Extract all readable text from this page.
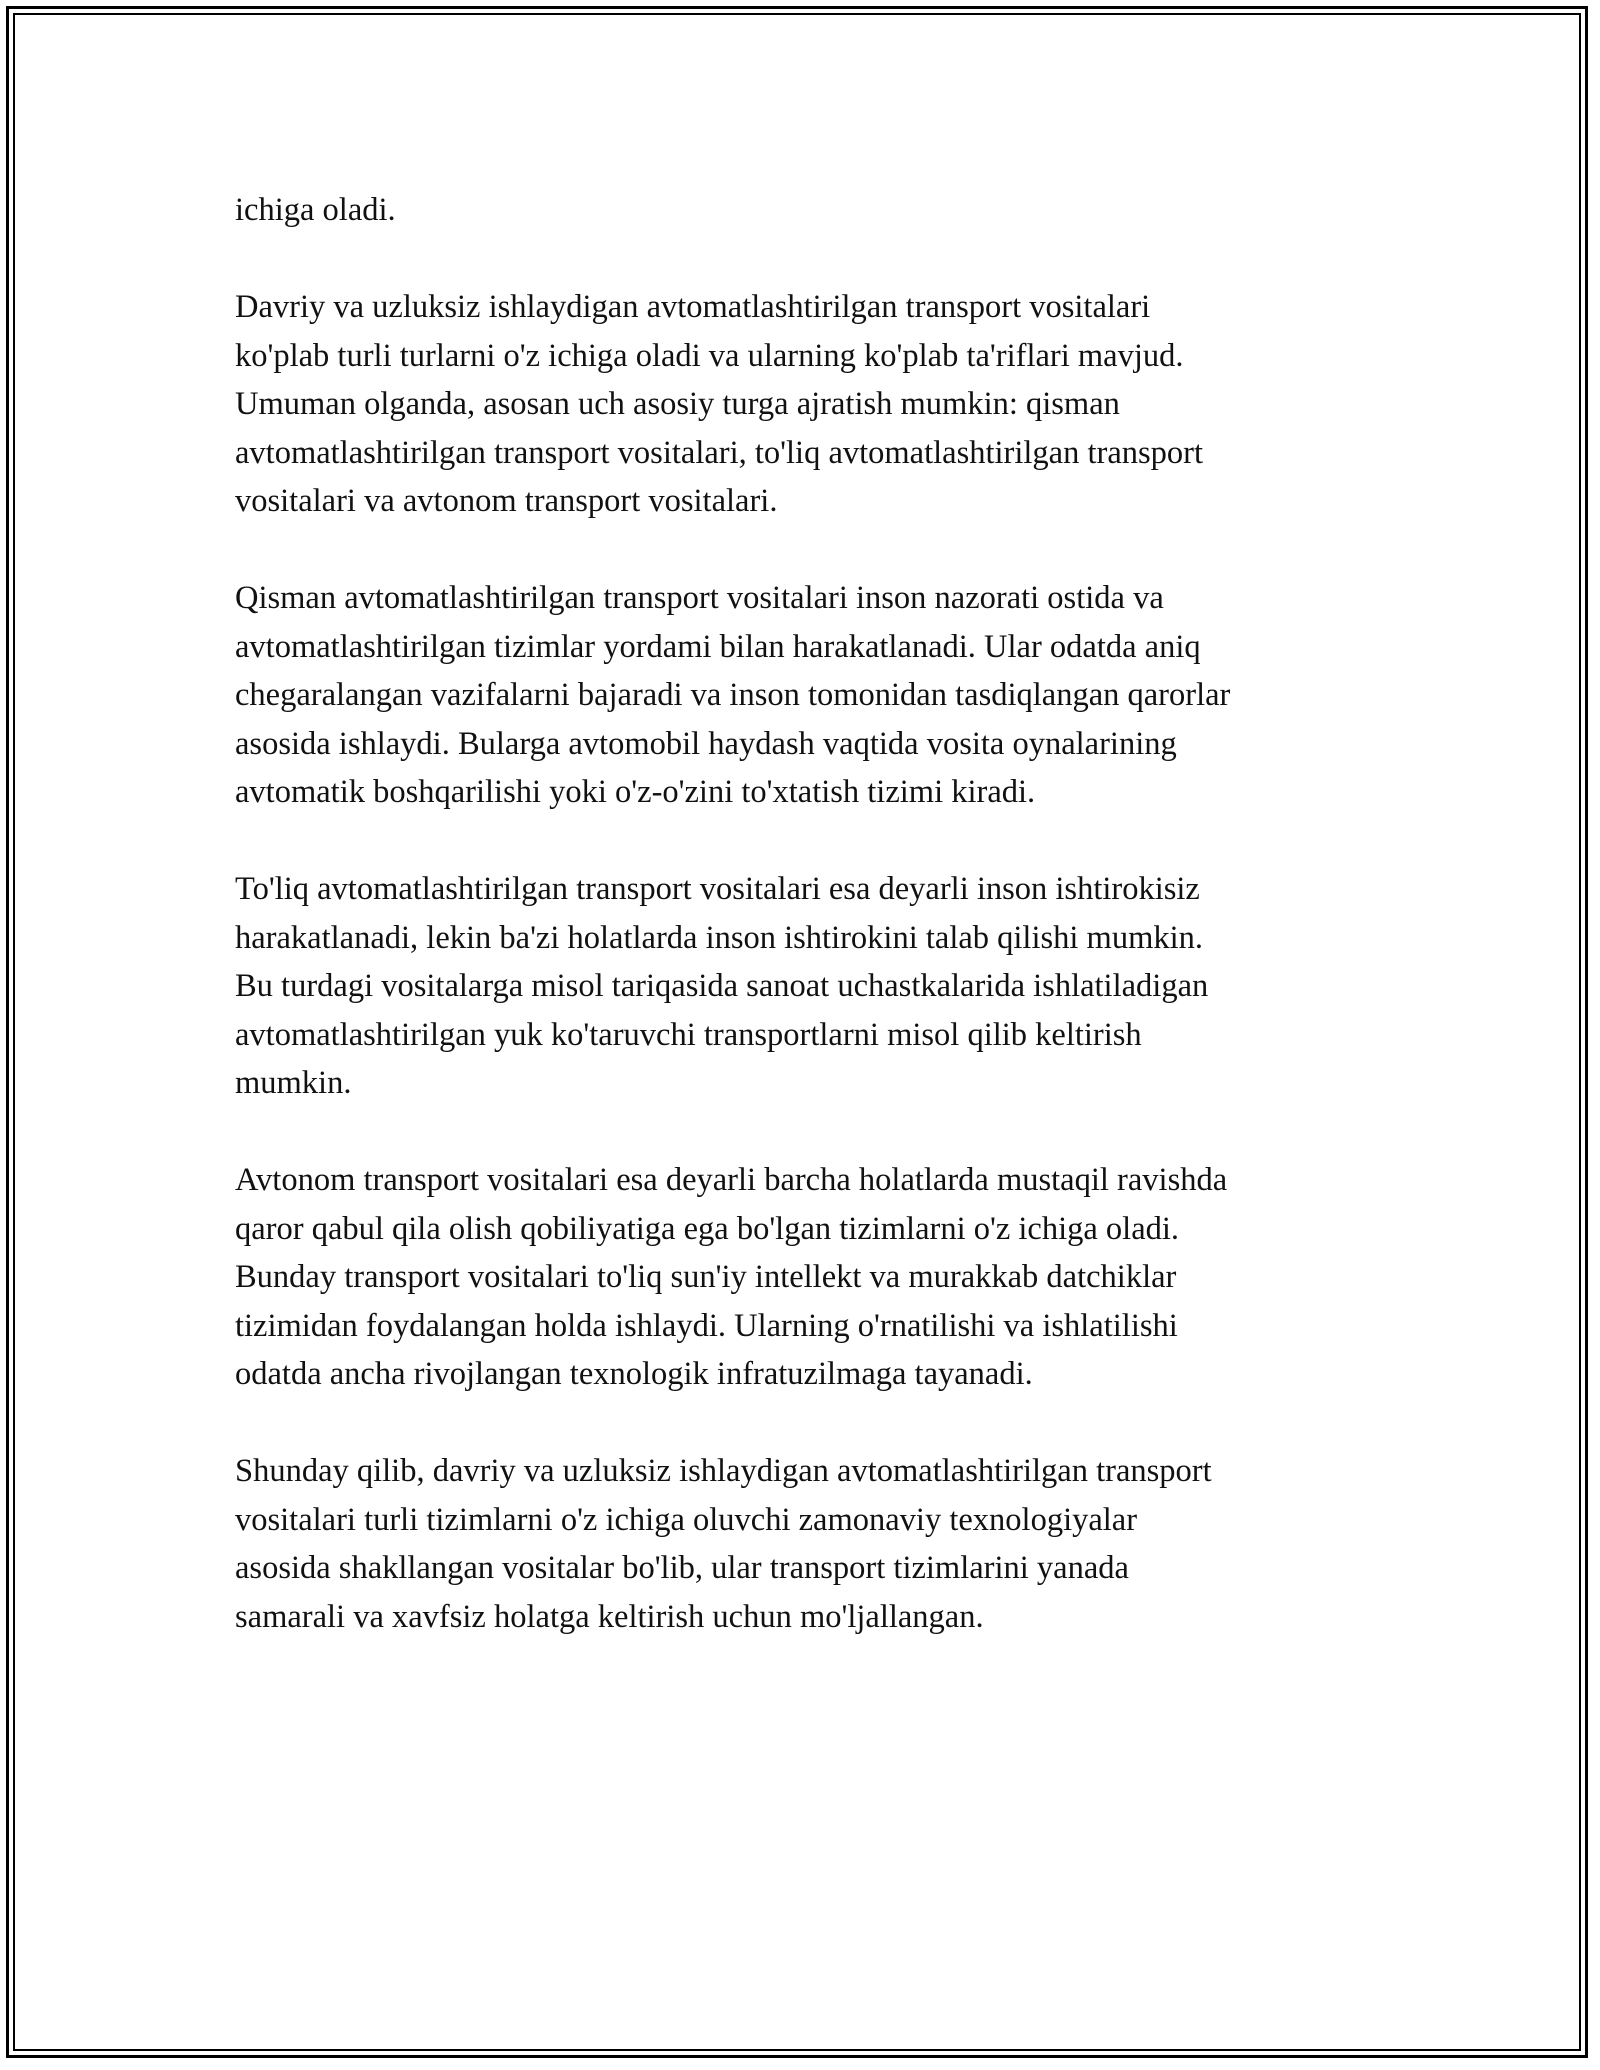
ichiga oladi.

Davriy va uzluksiz ishlaydigan avtomatlashtirilgan transport vositalari
ko'plab turli turlarni o'z ichiga oladi va ularning ko'plab ta'riflari mavjud.
Umuman olganda, asosan uch asosiy turga ajratish mumkin: qisman
avtomatlashtirilgan transport vositalari, to'liq avtomatlashtirilgan transport
vositalari va avtonom transport vositalari.

Qisman avtomatlashtirilgan transport vositalari inson nazorati ostida va
avtomatlashtirilgan tizimlar yordami bilan harakatlanadi. Ular odatda aniq
chegaralangan vazifalarni bajaradi va inson tomonidan tasdiqlangan qarorlar
asosida ishlaydi. Bularga avtomobil haydash vaqtida vosita oynalarining
avtomatik boshqarilishi yoki o'z-o'zini to'xtatish tizimi kiradi.

To'liq avtomatlashtirilgan transport vositalari esa deyarli inson ishtirokisiz
harakatlanadi, lekin ba'zi holatlarda inson ishtirokini talab qilishi mumkin.
Bu turdagi vositalarga misol tariqasida sanoat uchastkalarida ishlatiladigan
avtomatlashtirilgan yuk ko'taruvchi transportlarni misol qilib keltirish
mumkin.

Avtonom transport vositalari esa deyarli barcha holatlarda mustaqil ravishda
qaror qabul qila olish qobiliyatiga ega bo'lgan tizimlarni o'z ichiga oladi.
Bunday transport vositalari to'liq sun'iy intellekt va murakkab datchiklar
tizimidan foydalangan holda ishlaydi. Ularning o'rnatilishi va ishlatilishi
odatda ancha rivojlangan texnologik infratuzilmaga tayanadi.

Shunday qilib, davriy va uzluksiz ishlaydigan avtomatlashtirilgan transport
vositalari turli tizimlarni o'z ichiga oluvchi zamonaviy texnologiyalar
asosida shakllangan vositalar bo'lib, ular transport tizimlarini yanada
samarali va xavfsiz holatga keltirish uchun mo'ljallangan.
